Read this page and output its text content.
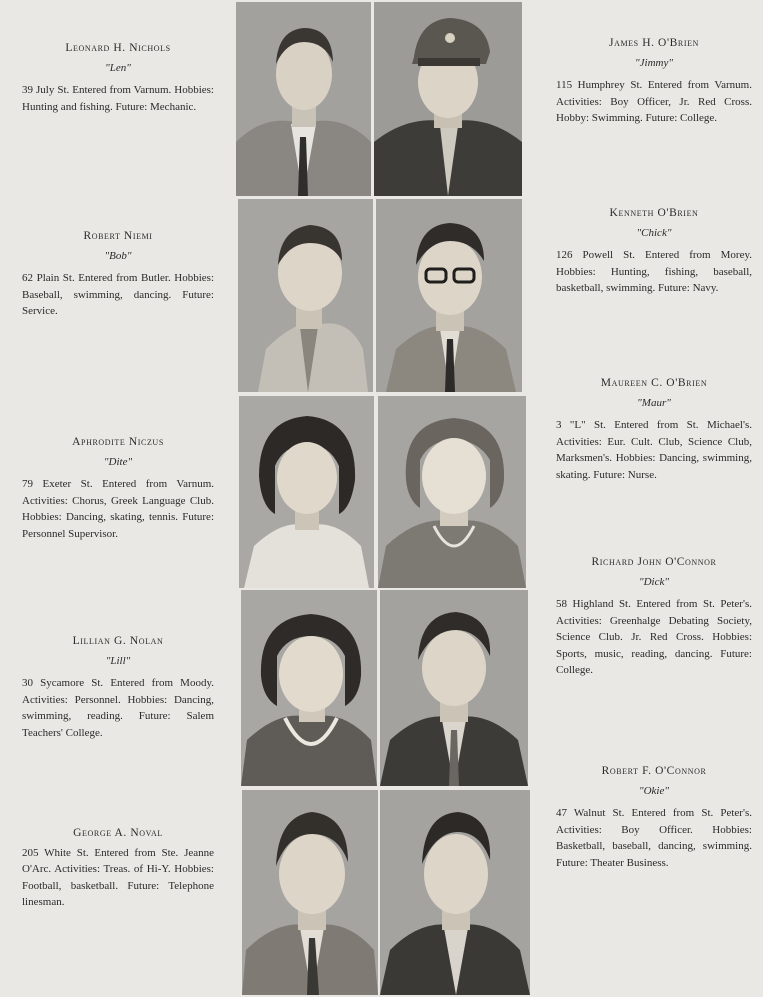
Leonard H. Nichols
"Len"
39 July St. Entered from Varnum. Hobbies: Hunting and fishing. Future: Mechanic.
Robert Niemi
"Bob"
62 Plain St. Entered from Butler. Hobbies: Baseball, swimming, dancing. Future: Service.
Aphrodite Niczus
"Dite"
79 Exeter St. Entered from Varnum. Activities: Chorus, Greek Language Club. Hobbies: Dancing, skating, tennis. Future: Personnel Supervisor.
Lillian G. Nolan
"Lill"
30 Sycamore St. Entered from Moody. Activities: Personnel. Hobbies: Dancing, swimming, reading. Future: Salem Teachers' College.
George A. Noval
205 White St. Entered from Ste. Jeanne O'Arc. Activities: Treas. of Hi-Y. Hobbies: Football, basketball. Future: Telephone linesman.
James H. O'Brien
"Jimmy"
115 Humphrey St. Entered from Varnum. Activities: Boy Officer, Jr. Red Cross. Hobby: Swimming. Future: College.
Kenneth O'Brien
"Chick"
126 Powell St. Entered from Morey. Hobbies: Hunting, fishing, baseball, basketball, swimming. Future: Navy.
Maureen C. O'Brien
"Maur"
3 "L" St. Entered from St. Michael's. Activities: Eur. Cult. Club, Science Club, Marksmen's. Hobbies: Dancing, swimming, skating. Future: Nurse.
Richard John O'Connor
"Dick"
58 Highland St. Entered from St. Peter's. Activities: Greenhalge Debating Society, Science Club. Jr. Red Cross. Hobbies: Sports, music, reading, dancing. Future: College.
Robert F. O'Connor
"Okie"
47 Walnut St. Entered from St. Peter's. Activities: Boy Officer. Hobbies: Basketball, baseball, dancing, swimming. Future: Theater Business.
